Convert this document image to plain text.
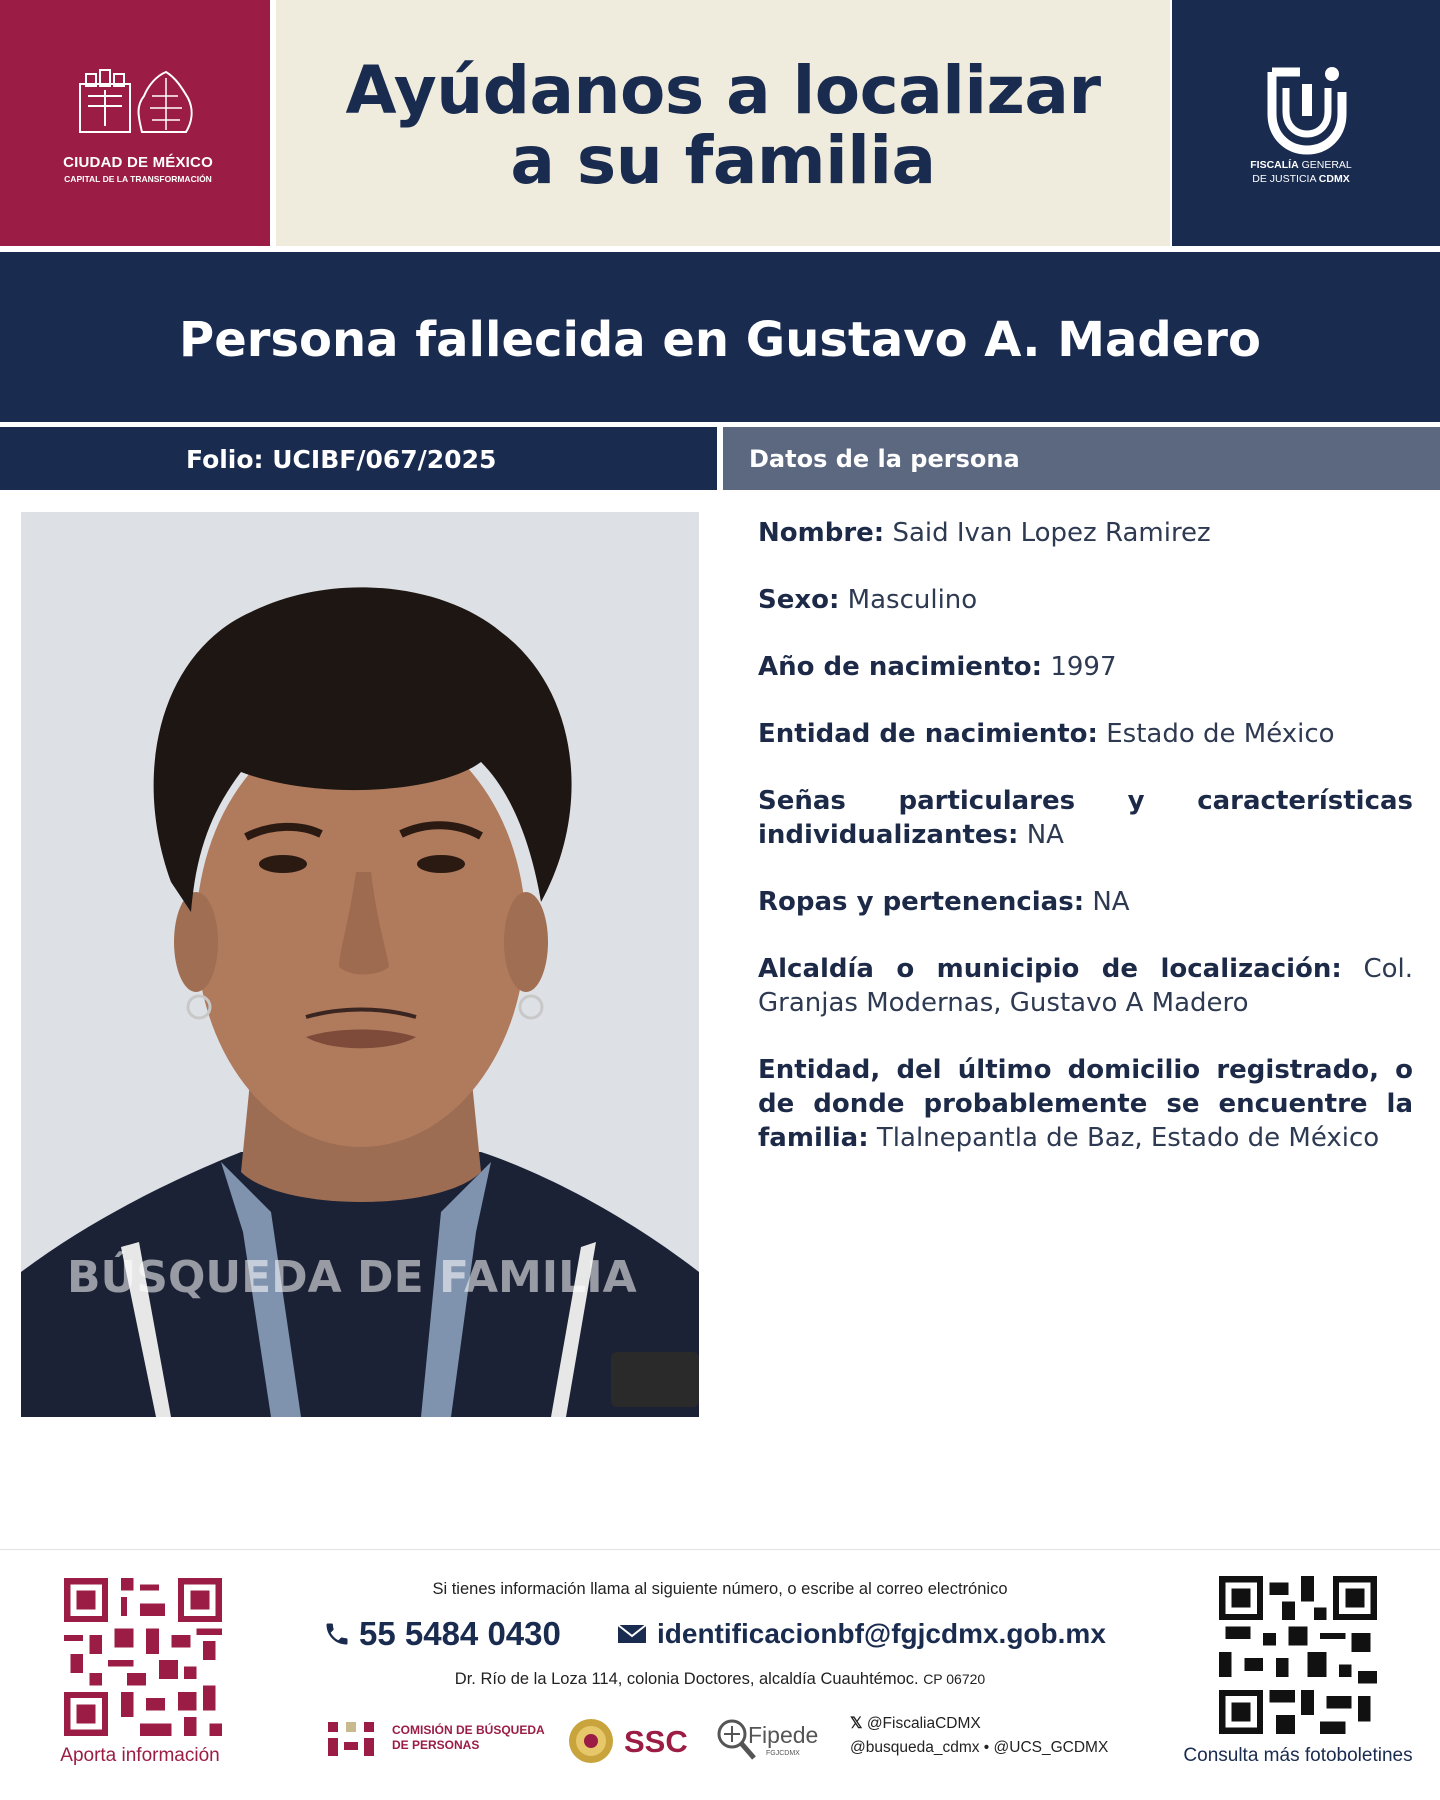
CIUDAD DE MÉXICO
CAPITAL DE LA TRANSFORMACIÓN
Ayúdanos a localizar
a su familia	FISCALÍA GENERAL
DE JUSTICIA CDMX
Persona fallecida en Gustavo A. Madero
Folio: UCIBF/067/2025	Datos de la persona
BÚSQUEDA DE FAMILIA
Nombre: Said Ivan Lopez Ramirez
Sexo: Masculino
Año de nacimiento: 1997
Entidad de nacimiento: Estado de México
Señas particulares y características individualizantes: NA
Ropas y pertenencias: NA
Alcaldía o municipio de localización: Col. Granjas Modernas, Gustavo A Madero
Entidad, del último domicilio registrado, o de donde probablemente se encuentre la familia: Tlalnepantla de Baz, Estado de México
Aporta información	Consulta más fotoboletines
Si tienes información llama al siguiente número, o escribe al correo electrónico
55 5484 0430	identificacionbf@fgjcdmx.gob.mx
Dr. Río de la Loza 114, colonia Doctores, alcaldía Cuauhtémoc. CP 06720
COMISIÓN DE BÚSQUEDA
DE PERSONAS	SSC	Fipede
FGJCDMX
𝕏 @FiscaliaCDMX
@busqueda_cdmx • @UCS_GCDMX
